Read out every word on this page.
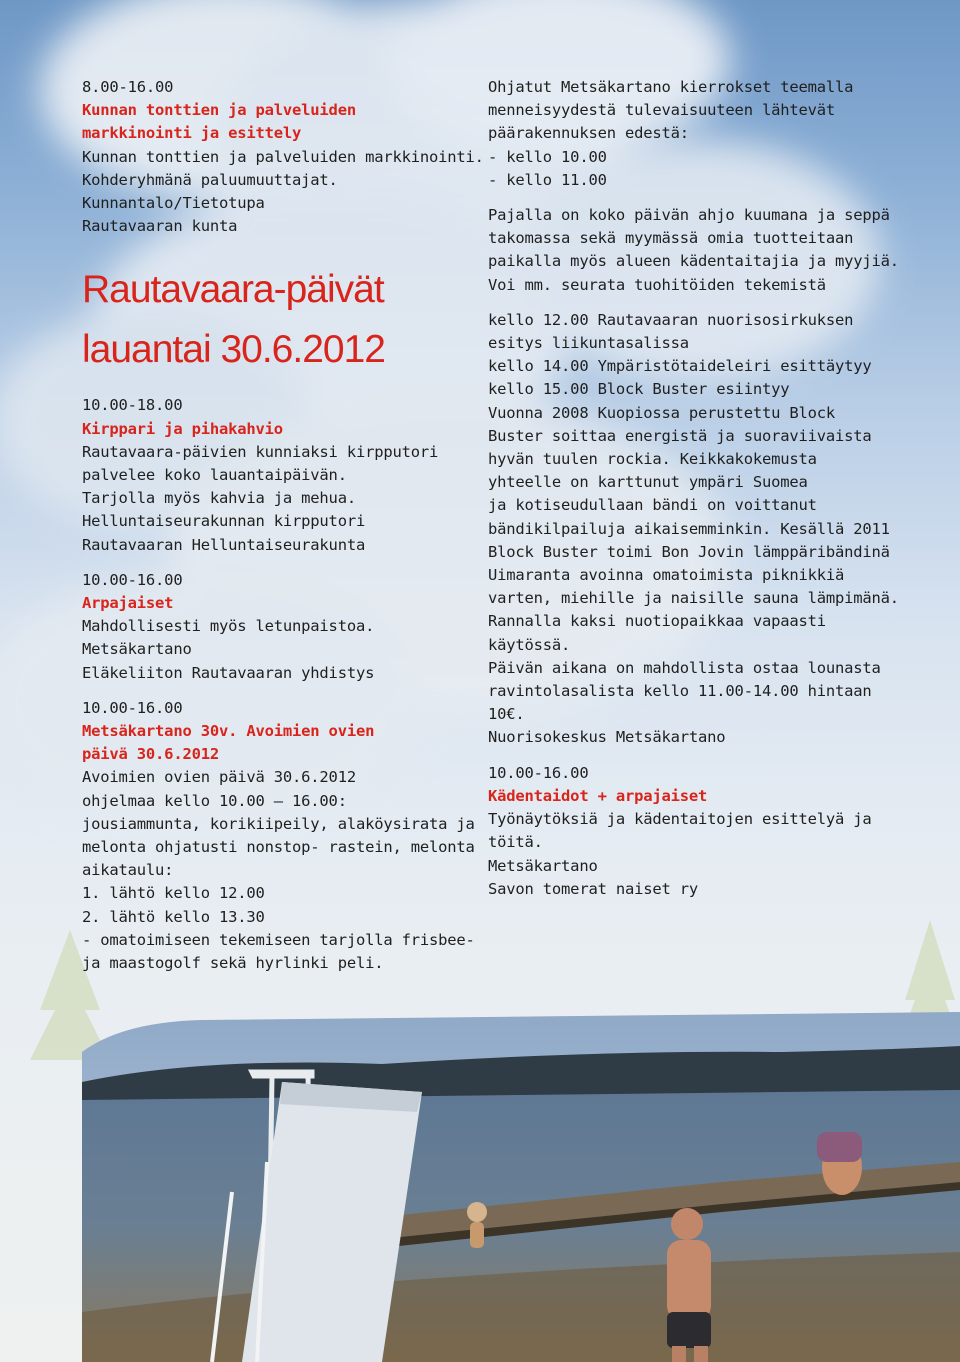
8.00-16.00
Kunnan tonttien ja palveluiden
markkinointi ja esittely
Kunnan tonttien ja palveluiden markkinointi.
Kohderyhmänä paluumuuttajat.
Kunnantalo/Tietotupa
Rautavaaran kunta
Rautavaara-päivät
lauantai 30.6.2012
10.00-18.00
Kirppari ja pihakahvio
Rautavaara-päivien kunniaksi kirpputori
palvelee koko lauantaipäivän.
Tarjolla myös kahvia ja mehua.
Helluntaiseurakunnan kirpputori
Rautavaaran Helluntaiseurakunta
10.00-16.00
Arpajaiset
Mahdollisesti myös letunpaistoa.
Metsäkartano
Eläkeliiton Rautavaaran yhdistys
10.00-16.00
Metsäkartano 30v. Avoimien ovien
päivä 30.6.2012
Avoimien ovien päivä 30.6.2012
ohjelmaa kello 10.00 – 16.00:
jousiammunta, korikiipeily, alaköysirata ja
melonta ohjatusti nonstop- rastein, melonta
aikataulu:
1. lähtö kello 12.00
2. lähtö kello 13.30
- omatoimiseen tekemiseen tarjolla frisbee-
ja maastogolf sekä hyrlinki peli.
Ohjatut Metsäkartano kierrokset teemalla
menneisyydestä tulevaisuuteen lähtevät
päärakennuksen edestä:
- kello 10.00
- kello 11.00
Pajalla on koko päivän ahjo kuumana ja seppä
takomassa sekä myymässä omia tuotteitaan
paikalla myös alueen kädentaitajia ja myyjiä.
Voi mm. seurata tuohitöiden tekemistä
kello 12.00 Rautavaaran nuorisosirkuksen
esitys liikuntasalissa
kello 14.00 Ympäristötaideleiri esittäytyy
kello 15.00 Block Buster esiintyy
Vuonna 2008 Kuopiossa perustettu Block
Buster soittaa energistä ja suoraviivaista
hyvän tuulen rockia. Keikkakokemusta
yhteelle on karttunut ympäri Suomea
ja kotiseudullaan bändi on voittanut
bändikilpailuja aikaisemminkin. Kesällä 2011
Block Buster toimi Bon Jovin lämppäribändinä
Uimaranta avoinna omatoimista piknikkiä
varten, miehille ja naisille sauna lämpimänä.
Rannalla kaksi nuotiopaikkaa vapaasti
käytössä.
Päivän aikana on mahdollista ostaa lounasta
ravintolasalista kello 11.00-14.00 hintaan
10€.
Nuorisokeskus Metsäkartano
10.00-16.00
Kädentaidot + arpajaiset
Työnäytöksiä ja kädentaitojen esittelyä ja
töitä.
Metsäkartano
Savon tomerat naiset ry
